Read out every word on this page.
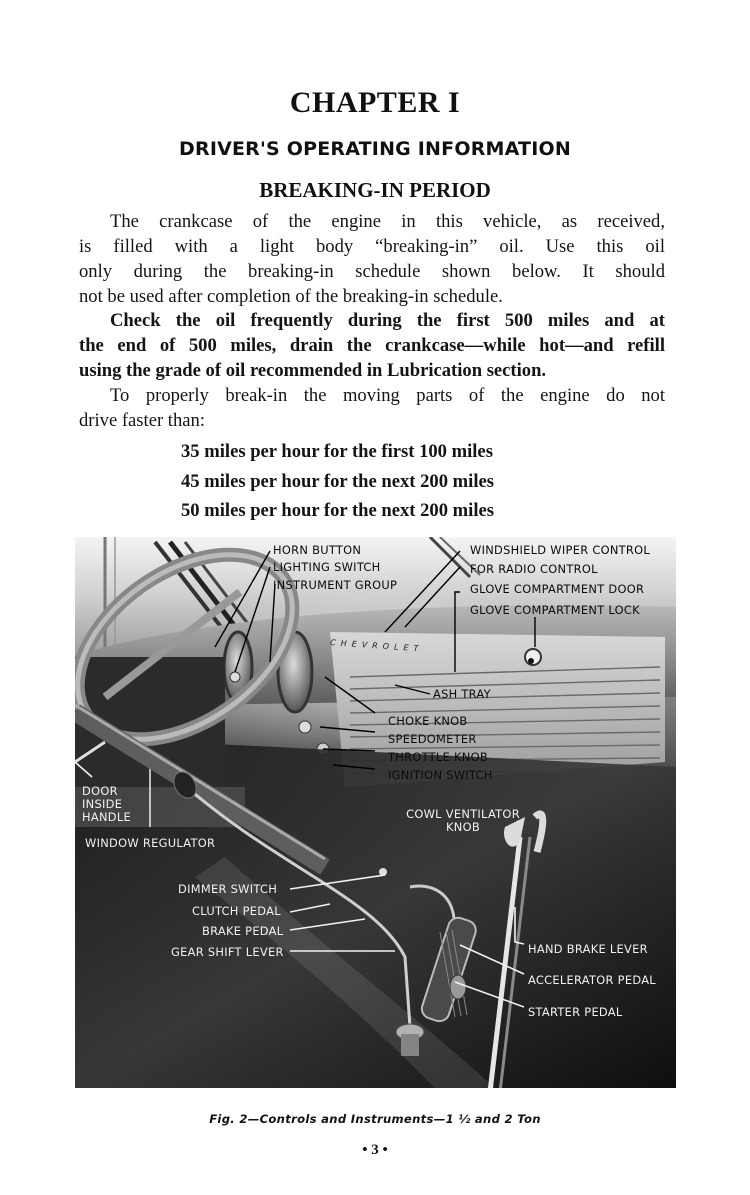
CHAPTER I
DRIVER'S OPERATING INFORMATION
BREAKING-IN PERIOD
The crankcase of the engine in this vehicle, as received,
is filled with a light body “breaking-in” oil. Use this oil
only during the breaking-in schedule shown below. It should
not be used after completion of the breaking-in schedule.
Check the oil frequently during the first 500 miles and at
the end of 500 miles, drain the crankcase—while hot—and refill
using the grade of oil recommended in Lubrication section.
To properly break-in the moving parts of the engine do not
drive faster than:
35 miles per hour for the first 100 miles
45 miles per hour for the next 200 miles
50 miles per hour for the next 200 miles
CHEVROLET
HORN BUTTON
LIGHTING SWITCH
INSTRUMENT GROUP
WINDSHIELD WIPER CONTROL
FOR RADIO CONTROL
GLOVE COMPARTMENT DOOR
GLOVE COMPARTMENT LOCK
ASH TRAY
CHOKE KNOB
SPEEDOMETER
THROTTLE KNOB
IGNITION SWITCH
COWL VENTILATOR
KNOB
DOOR
INSIDE
HANDLE
WINDOW REGULATOR
DIMMER SWITCH
CLUTCH PEDAL
BRAKE PEDAL
GEAR SHIFT LEVER	HAND BRAKE LEVER
ACCELERATOR PEDAL
STARTER PEDAL
Fig. 2—Controls and Instruments—1 ½ and 2 Ton
• 3 •
